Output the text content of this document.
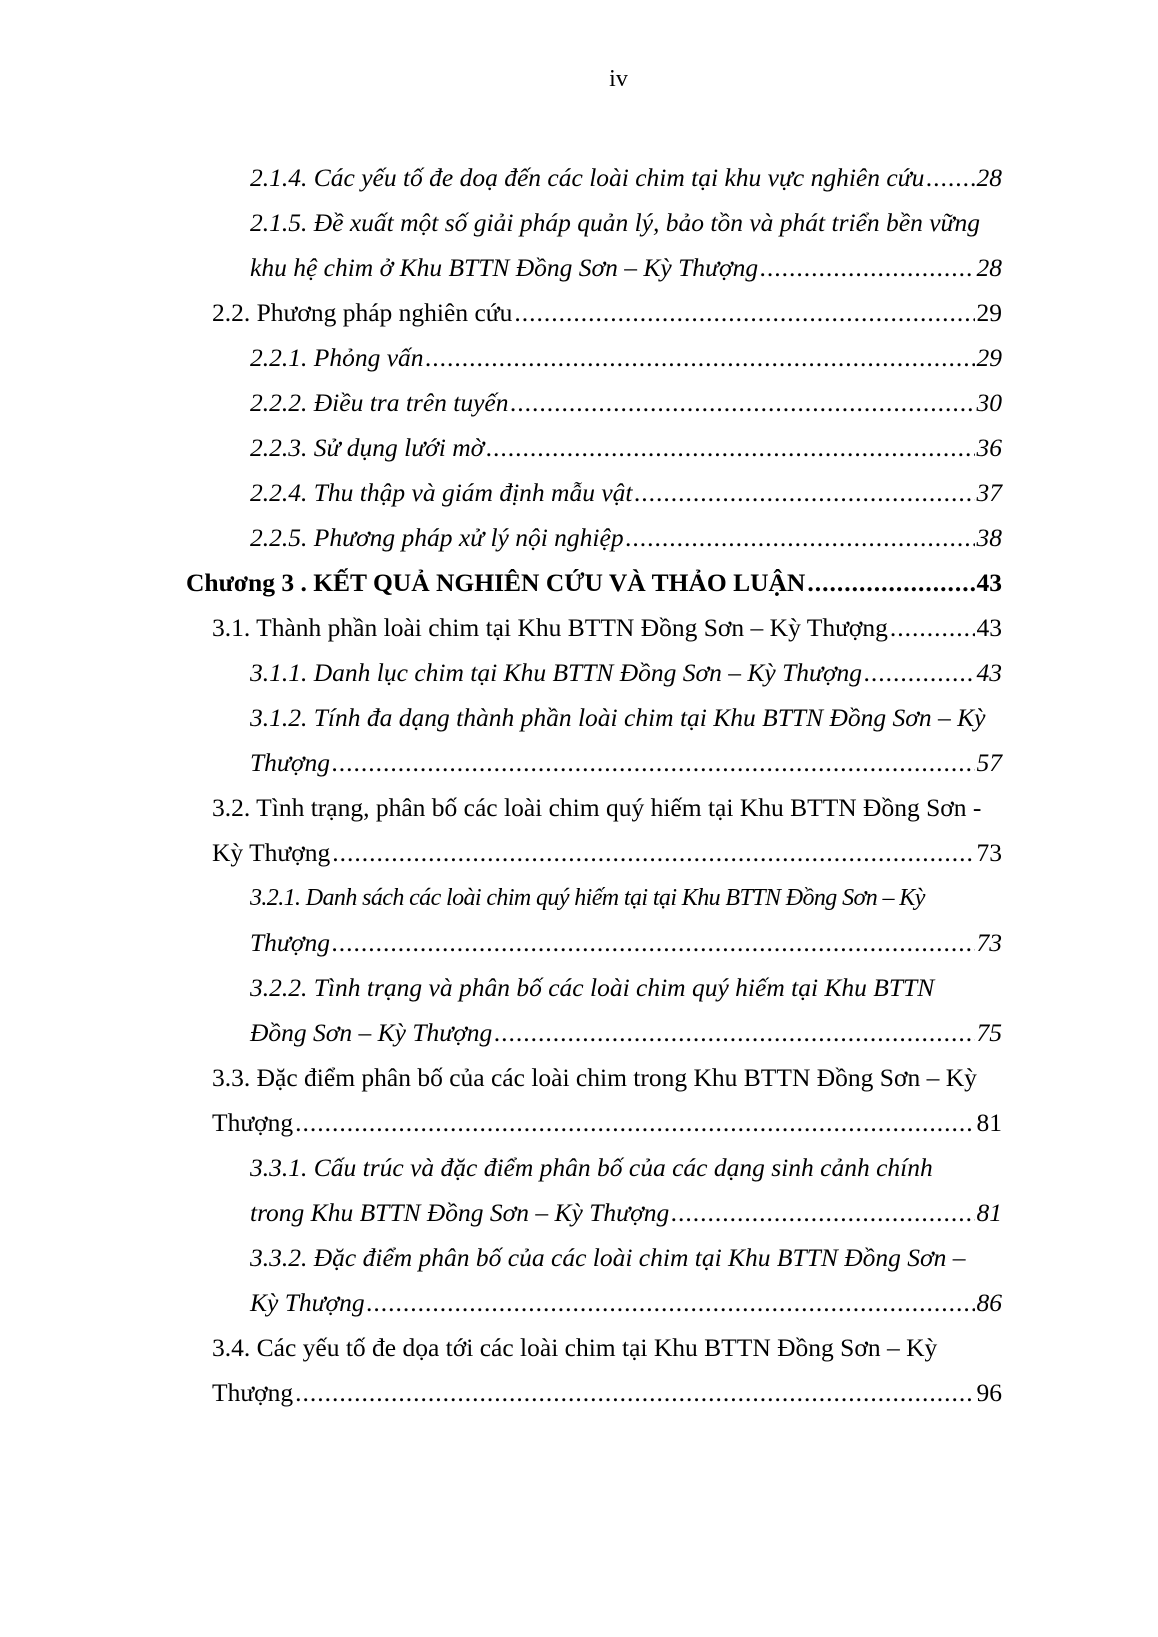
iv
2.1.4. Các yếu tố đe doạ đến các loài chim tại khu vực nghiên cứu ..... 28
2.1.5. Đề xuất một số giải pháp quản lý, bảo tồn và phát triển bền vững
khu hệ chim ở Khu BTTN Đồng Sơn – Kỳ Thượng .....	28
2.2. Phương pháp nghiên cứu .....	29
2.2.1. Phỏng vấn .....	29
2.2.2. Điều tra trên tuyến .....	30
2.2.3. Sử dụng lưới mờ .....	36
2.2.4. Thu thập và giám định mẫu vật .....	37
2.2.5. Phương pháp xử lý nội nghiệp .....	38
Chương 3 . KẾT QUẢ NGHIÊN CỨU VÀ THẢO LUẬN .....	43
3.1. Thành phần loài chim tại Khu BTTN Đồng Sơn – Kỳ Thượng .....	43
3.1.1. Danh lục chim tại Khu BTTN Đồng Sơn – Kỳ Thượng .....	43
3.1.2. Tính đa dạng thành phần loài chim tại Khu BTTN Đồng Sơn – Kỳ
Thượng .....	57
3.2. Tình trạng, phân bố các loài chim quý hiếm tại Khu BTTN Đồng Sơn -
Kỳ Thượng .....	73
3.2.1. Danh sách các loài chim quý hiếm tại tại Khu BTTN Đồng Sơn – Kỳ
Thượng .....	73
3.2.2. Tình trạng và phân bố các loài chim quý hiếm tại Khu BTTN
Đồng Sơn – Kỳ Thượng .....	75
3.3. Đặc điểm phân bố của các loài chim trong Khu BTTN Đồng Sơn – Kỳ
Thượng .....	81
3.3.1. Cấu trúc và đặc điểm phân bố của các dạng sinh cảnh chính
trong Khu BTTN Đồng Sơn – Kỳ Thượng .....	81
3.3.2. Đặc điểm phân bố của các loài chim tại Khu BTTN Đồng Sơn –
Kỳ Thượng .....	86
3.4. Các yếu tố đe dọa tới các loài chim tại Khu BTTN Đồng Sơn – Kỳ
Thượng .....	96
